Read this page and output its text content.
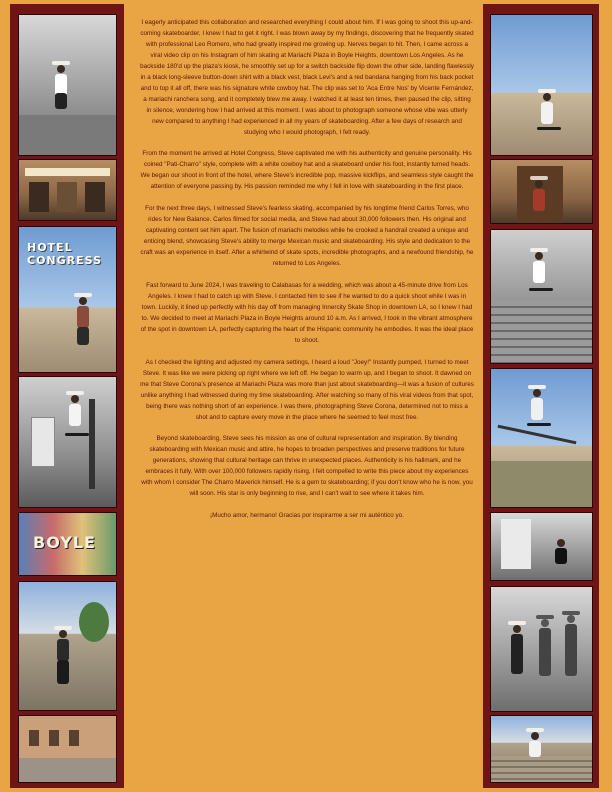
HOTEL CONGRESS
BOYLE

I eagerly anticipated this collaboration and researched everything I could about him. If I was going to shoot this up-and-coming skateboarder, I knew I had to get it right. I was blown away by my findings, discovering that he frequently skated with professional Leo Romero, who had greatly inspired me growing up. Nerves began to hit. Then, I came across a viral video clip on his Instagram of him skating at Mariachi Plaza in Boyle Heights, downtown Los Angeles. As he backside 180'd up the plaza's kiosk, he smoothly set up for a switch backside flip down the other side, landing flawlessly in a black long-sleeve button-down shirt with a black vest, black Levi's and a red bandana hanging from his back pocket and to top it all off, there was his signature white cowboy hat. The clip was set to 'Aca Entre Nos' by Vicente Fernández, a mariachi ranchera song, and it completely blew me away. I watched it at least ten times, then paused the clip, sitting in silence, wondering how I had arrived at this moment. I was about to photograph someone whose vibe was utterly new compared to anything I had experienced in all my years of skateboarding. After a few days of research and studying who I would photograph, I felt ready.

From the moment he arrived at Hotel Congress, Steve captivated me with his authenticity and genuine personality. His coined "Pati-Charro" style, complete with a white cowboy hat and a skateboard under his foot, instantly turned heads. We began our shoot in front of the hotel, where Steve's incredible pop, massive kickflips, and seamless style caught the attention of everyone passing by. His passion reminded me why I fell in love with skateboarding in the first place.

For the next three days, I witnessed Steve's fearless skating, accompanied by his longtime friend Carlos Torres, who rides for New Balance. Carlos filmed for social media, and Steve had about 30,000 followers then. His original and captivating content set him apart. The fusion of mariachi melodies while he crooked a handrail created a unique and enticing blend, showcasing Steve's ability to merge Mexican music and skateboarding. His style and dedication to the craft was an experience in itself. After a whirlwind of skate spots, incredible photographs, and a newfound friendship, he returned to Los Angeles.

Fast forward to June 2024, I was traveling to Calabasas for a wedding, which was about a 45-minute drive from Los Angeles. I knew I had to catch up with Steve. I contacted him to see if he wanted to do a quick shoot while I was in town. Luckily, it lined up perfectly with his day off from managing Innercity Skate Shop in downtown LA, so I knew I had to. We decided to meet at Mariachi Plaza in Boyle Heights around 10 a.m. As I arrived, I took in the vibrant atmosphere of the spot in downtown LA, perfectly capturing the heart of the Hispanic community he embodies. It was the ideal place to shoot.

As I checked the lighting and adjusted my camera settings, I heard a loud "Joey!" Instantly pumped, I turned to meet Steve. It was like we were picking up right where we left off. He began to warm up, and I began to shoot. It dawned on me that Steve Corona's presence at Mariachi Plaza was more than just about skateboarding—it was a fusion of cultures unlike anything I had witnessed during my time skateboarding. After watching so many of his viral videos from that spot, being there was nothing short of an experience. I was there, photographing Steve Corona, determined not to miss a shot and to capture every move in the place where he seemed to feel most free.

Beyond skateboarding, Steve sees his mission as one of cultural representation and inspiration. By blending skateboarding with Mexican music and attire, he hopes to broaden perspectives and preserve traditions for future generations, showing that cultural heritage can thrive in unexpected places. Authenticity is his hallmark, and he embraces it fully. With over 100,000 followers rapidly rising, I felt compelled to write this piece about my experiences with whom I consider The Charro Maverick himself. He is a gem to skateboarding; if you don't know who he is now, you will soon. His star is only beginning to rise, and I can't wait to see where it takes him.

¡Mucho amor, hermano! Gracias por inspirarme a ser mi auténtico yo.
